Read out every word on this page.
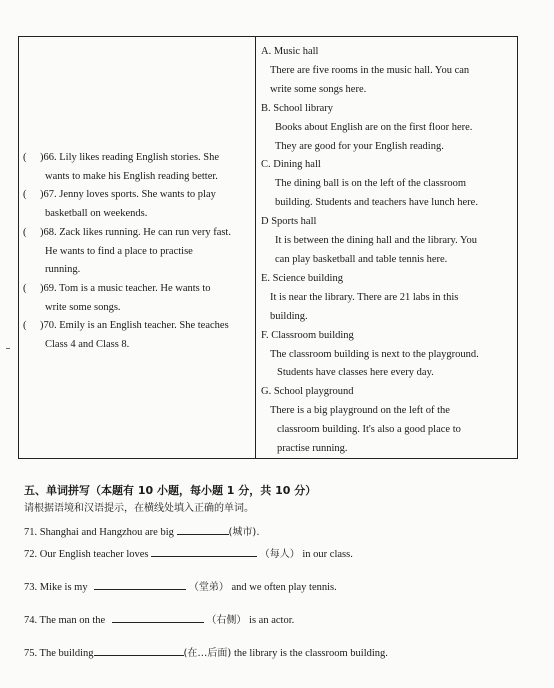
( )66. Lily likes reading English stories. She
wants to make his English reading better.
( )67. Jenny loves sports. She wants to play
basketball on weekends.
( )68. Zack likes running. He can run very fast.
He wants to find a place to practise
running.
( )69. Tom is a music teacher. He wants to
write some songs.
( )70. Emily is an English teacher. She teaches
Class 4 and Class 8.
A. Music hall
There are five rooms in the music hall. You can
write some songs here.
B. School library
Books about English are on the first floor here.
They are good for your English reading.
C. Dining hall
The dining ball is on the left of the classroom
building. Students and teachers have lunch here.
D Sports hall
It is between the dining hall and the library. You
can play basketball and table tennis here.
E. Science building
It is near the library. There are 21 labs in this
building.
F. Classroom building
The classroom building is next to the playground.
Students have classes here every day.
G. School playground
There is a big playground on the left of the
classroom building. It's also a good place to
practise running.
五、单词拼写（本题有 10 小题，每小题 1 分，共 10 分）
请根据语境和汉语提示，在横线处填入正确的单词。
71. Shanghai and Hangzhou are big	(城市).
72. Our English teacher loves	（每人） in our class.
73. Mike is my	（堂弟） and we often play tennis.
74. The man on the	（右侧） is an actor.
75. The building	(在…后面) the library is the classroom building.
